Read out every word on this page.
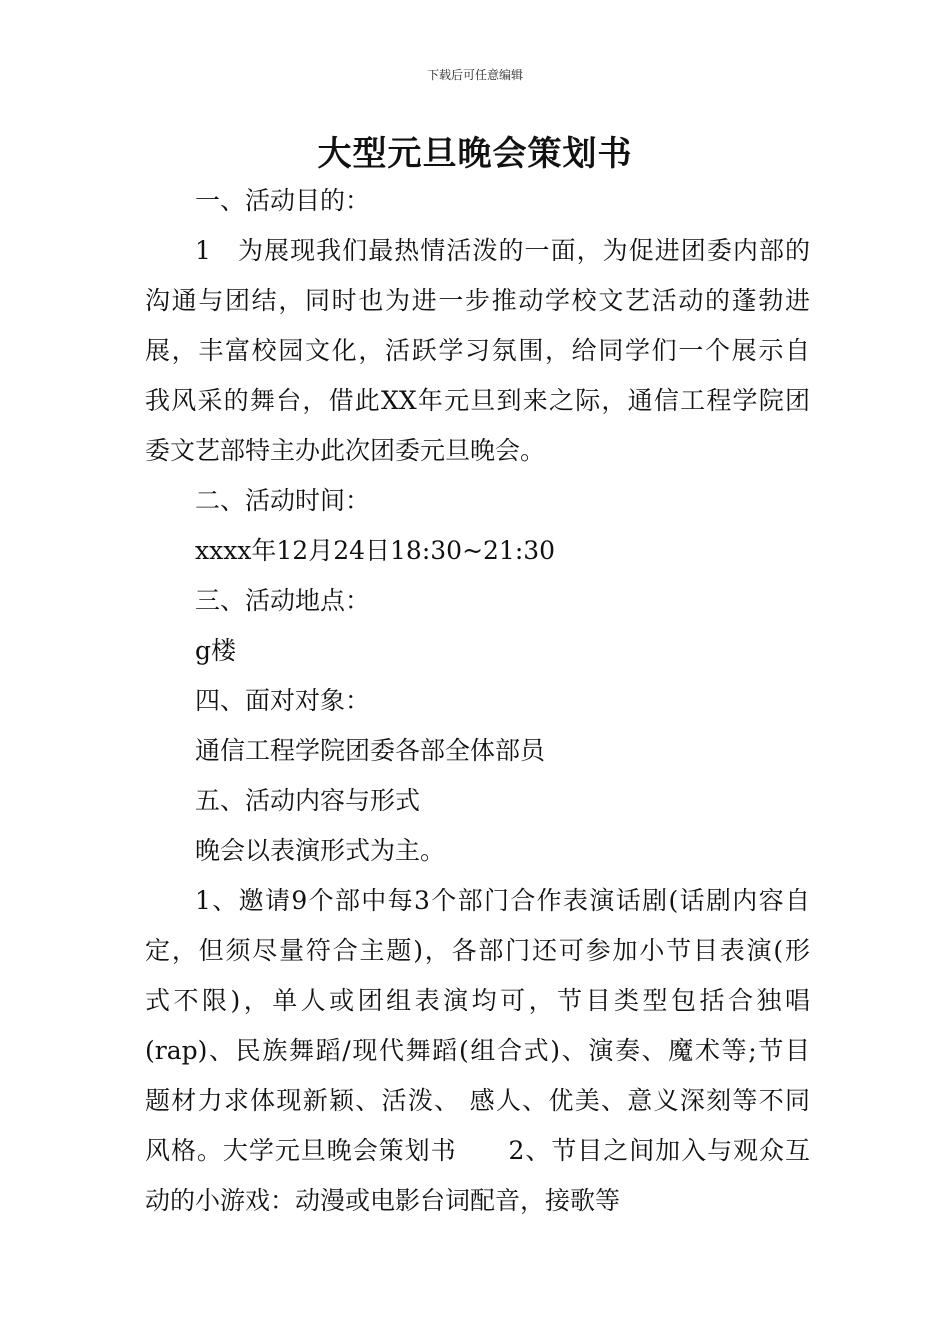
下载后可任意编辑
大型元旦晚会策划书
一、活动目的：
1　为展现我们最热情活泼的一面，为促进团委内部的
沟通与团结，同时也为进一步推动学校文艺活动的蓬勃进
展，丰富校园文化，活跃学习氛围，给同学们一个展示自
我风采的舞台，借此XX年元旦到来之际，通信工程学院团
委文艺部特主办此次团委元旦晚会。
二、活动时间：
xxxx年12月24日18:30~21:30
三、活动地点：
g楼
四、面对对象：
通信工程学院团委各部全体部员
五、活动内容与形式
晚会以表演形式为主。
1、邀请9个部中每3个部门合作表演话剧(话剧内容自
定，但须尽量符合主题)，各部门还可参加小节目表演(形
式不限)，单人或团组表演均可，节目类型包括合独唱
(rap)、民族舞蹈/现代舞蹈(组合式)、演奏、魔术等;节目
题材力求体现新颖、活泼、 感人、优美、意义深刻等不同
风格。大学元旦晚会策划书　　2、节目之间加入与观众互
动的小游戏：动漫或电影台词配音，接歌等
